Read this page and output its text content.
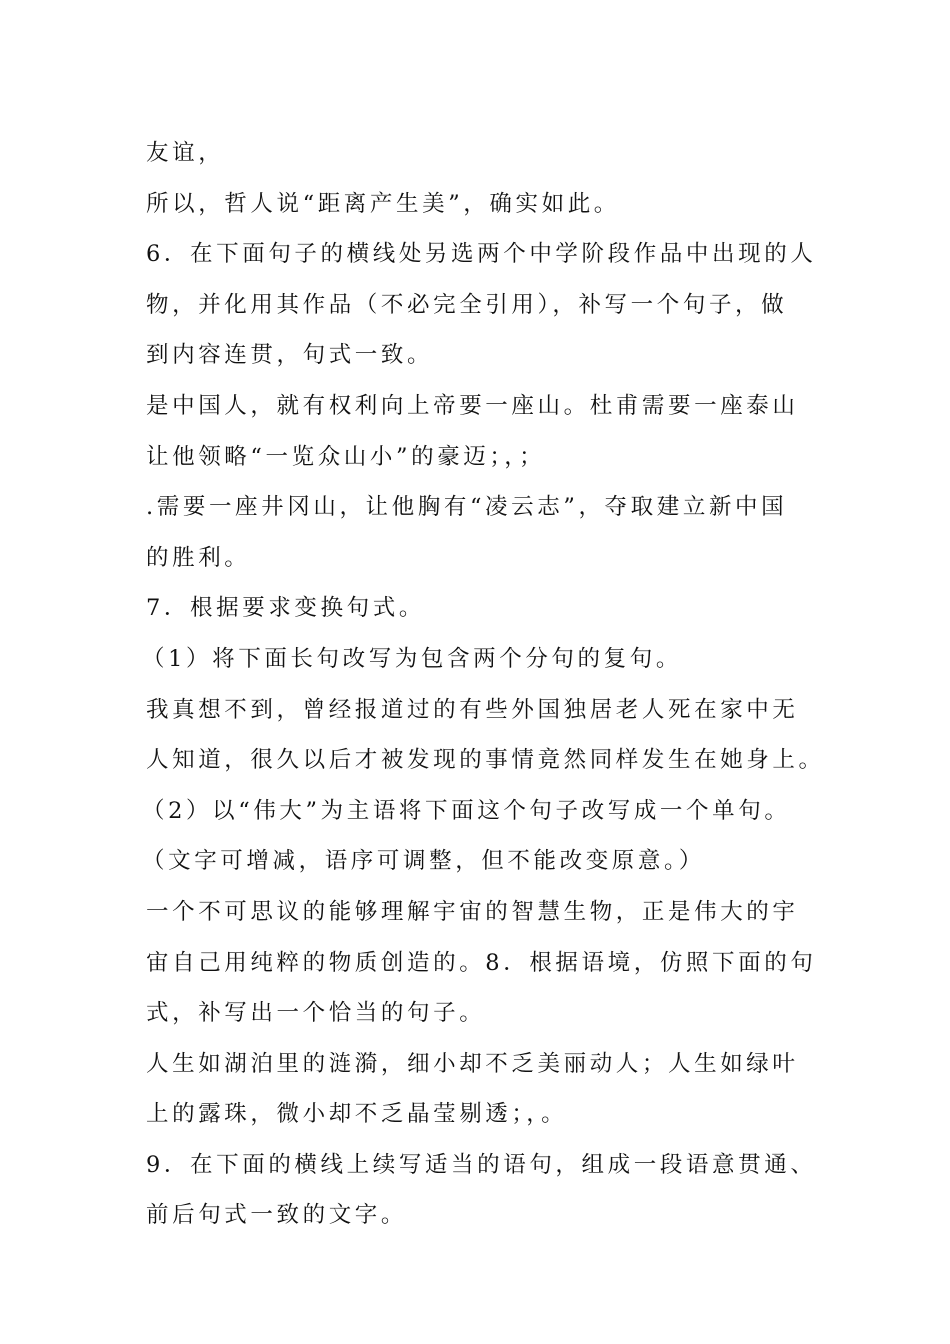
友谊，
所以，哲人说“距离产生美”，确实如此。
6．在下面句子的横线处另选两个中学阶段作品中出现的人
物，并化用其作品（不必完全引用），补写一个句子，做
到内容连贯，句式一致。
是中国人，就有权利向上帝要一座山。杜甫需要一座泰山
让他领略“一览众山小”的豪迈；，；
.需要一座井冈山，让他胸有“凌云志”，夺取建立新中国
的胜利。
7．根据要求变换句式。
（1）将下面长句改写为包含两个分句的复句。
我真想不到，曾经报道过的有些外国独居老人死在家中无
人知道，很久以后才被发现的事情竟然同样发生在她身上。
（2）以“伟大”为主语将下面这个句子改写成一个单句。
（文字可增减，语序可调整，但不能改变原意。）
一个不可思议的能够理解宇宙的智慧生物，正是伟大的宇
宙自己用纯粹的物质创造的。8．根据语境，仿照下面的句
式，补写出一个恰当的句子。
人生如湖泊里的涟漪，细小却不乏美丽动人；人生如绿叶
上的露珠，微小却不乏晶莹剔透；，。
9．在下面的横线上续写适当的语句，组成一段语意贯通、
前后句式一致的文字。
